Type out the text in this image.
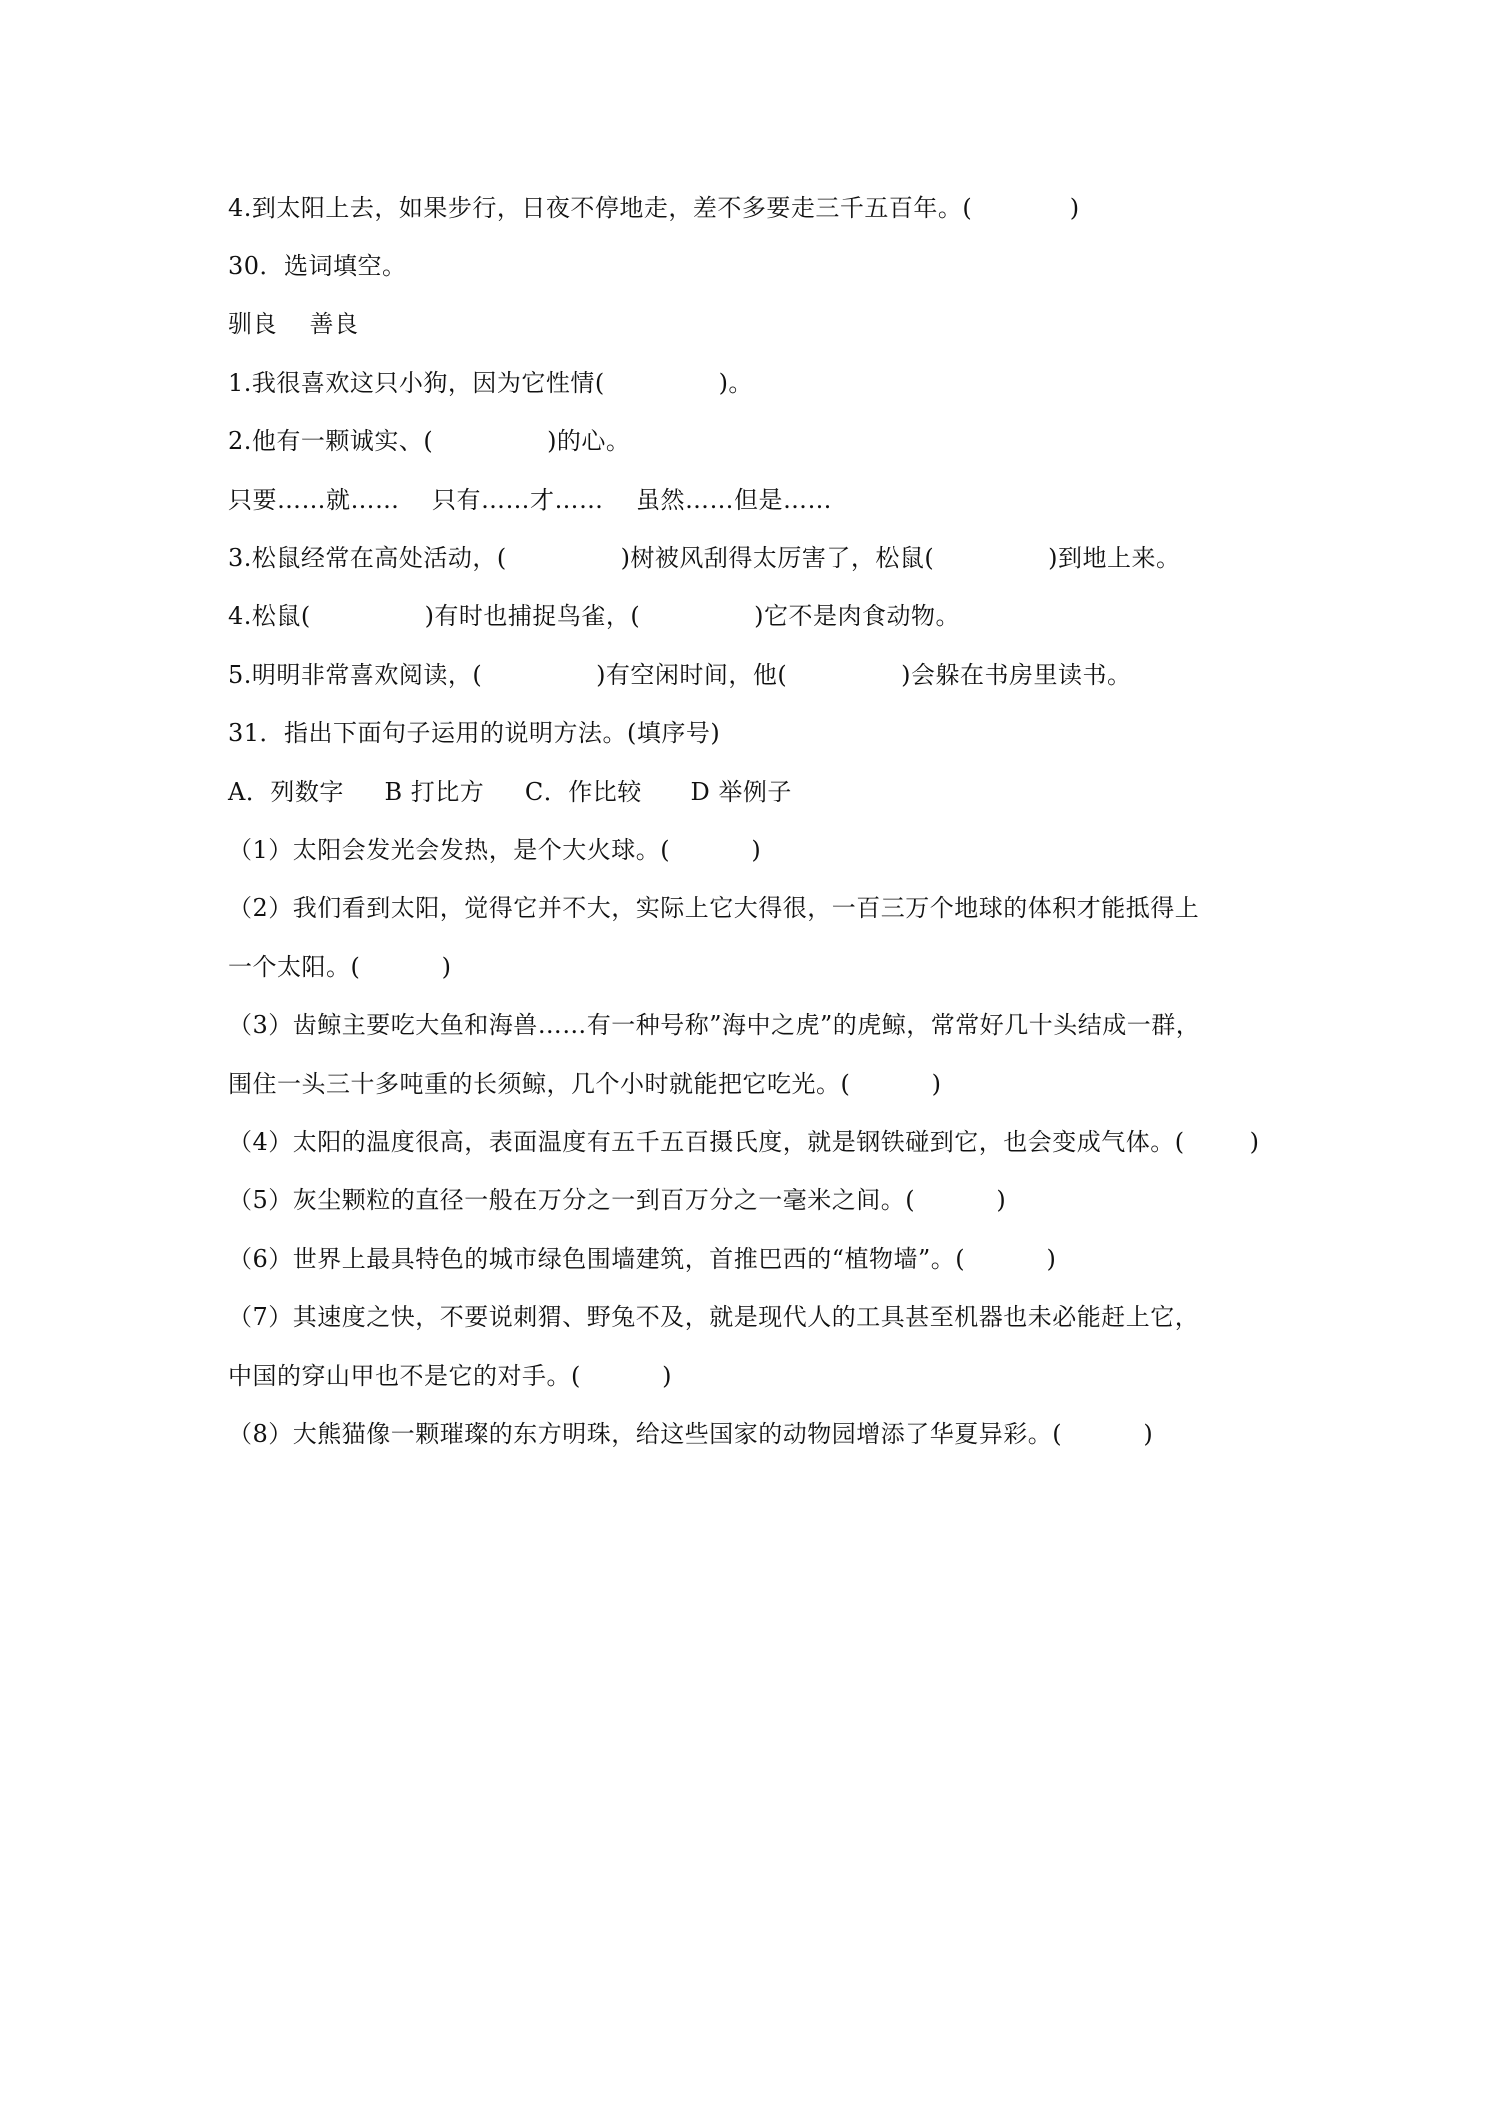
4.到太阳上去，如果步行，日夜不停地走，差不多要走三千五百年。(            )
30．选词填空。
驯良    善良
1.我很喜欢这只小狗，因为它性情(              )。
2.他有一颗诚实、(              )的心。
只要……就……    只有……才……    虽然……但是……
3.松鼠经常在高处活动，(              )树被风刮得太厉害了，松鼠(              )到地上来。
4.松鼠(              )有时也捕捉鸟雀，(              )它不是肉食动物。
5.明明非常喜欢阅读，(              )有空闲时间，他(              )会躲在书房里读书。
31．指出下面句子运用的说明方法。(填序号)
A．列数字     B 打比方     C．作比较      D 举例子
（1）太阳会发光会发热，是个大火球。(          )
（2）我们看到太阳，觉得它并不大，实际上它大得很，一百三万个地球的体积才能抵得上
一个太阳。(          )
（3）齿鲸主要吃大鱼和海兽……有一种号称”海中之虎”的虎鲸，常常好几十头结成一群，
围住一头三十多吨重的长须鲸，几个小时就能把它吃光。(          )
（4）太阳的温度很高，表面温度有五千五百摄氏度，就是钢铁碰到它，也会变成气体。(        )
（5）灰尘颗粒的直径一般在万分之一到百万分之一毫米之间。(          )
（6）世界上最具特色的城市绿色围墙建筑，首推巴西的“植物墙”。(          )
（7）其速度之快，不要说刺猬、野兔不及，就是现代人的工具甚至机器也未必能赶上它，
中国的穿山甲也不是它的对手。(          )
（8）大熊猫像一颗璀璨的东方明珠，给这些国家的动物园增添了华夏异彩。(          )
